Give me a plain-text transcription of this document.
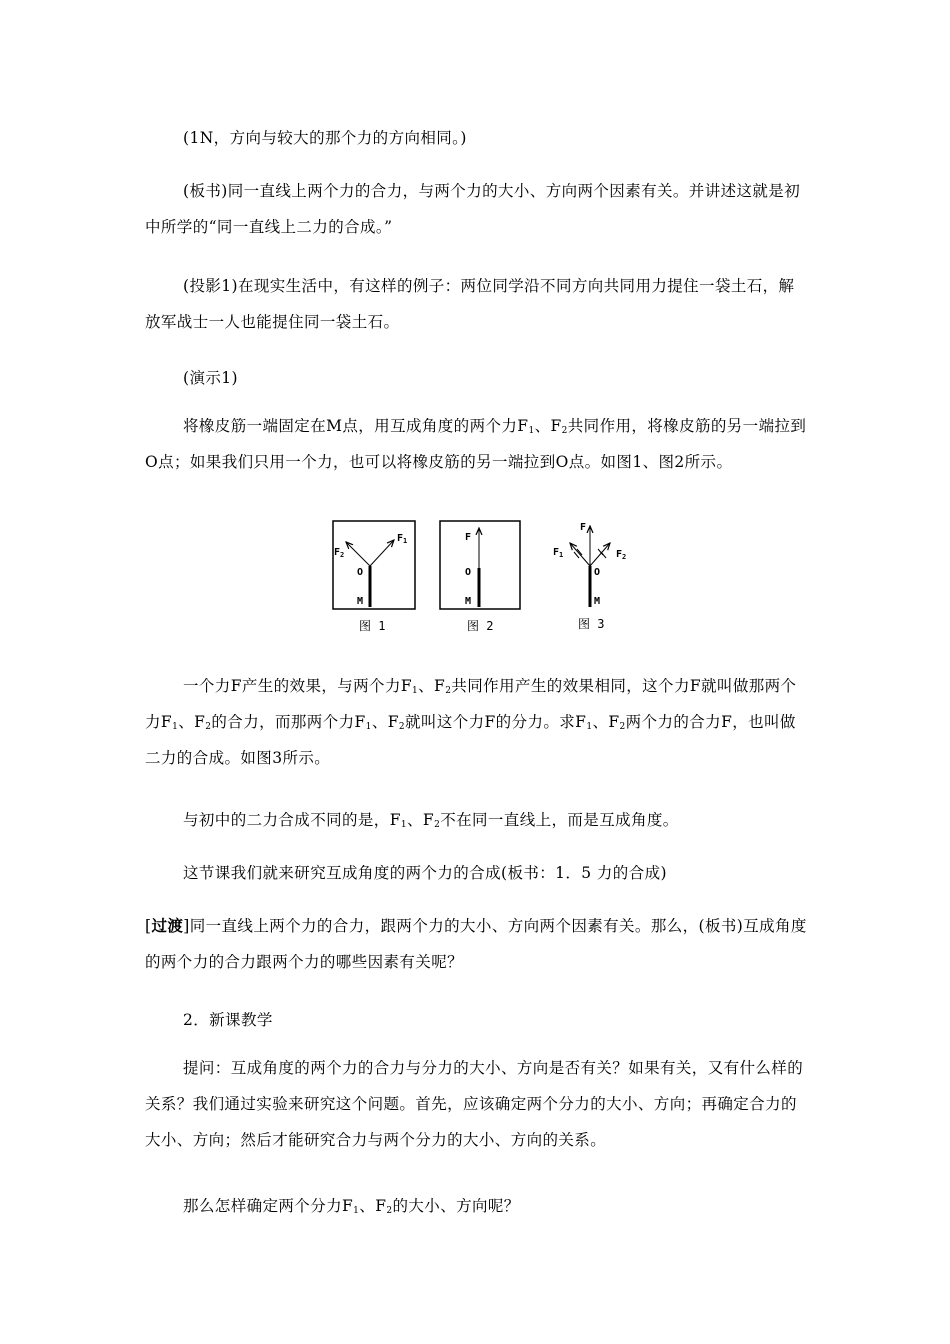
(1N，方向与较大的那个力的方向相同。)
(板书)同一直线上两个力的合力，与两个力的大小、方向两个因素有关。并讲述这就是初中所学的“同一直线上二力的合成。”
(投影1)在现实生活中，有这样的例子：两位同学沿不同方向共同用力提住一袋土石，解放军战士一人也能提住同一袋土石。
(演示1)
将橡皮筋一端固定在M点，用互成角度的两个力$F_1$、$F_2$共同作用，将橡皮筋的另一端拉到O点；如果我们只用一个力，也可以将橡皮筋的另一端拉到O点。如图1、图2所示。
$F_1$
$F_2$
O
M
图 1
F
O
M
图 2
F
$F_1$	$F_2$
O
M
图 3
一个力F产生的效果，与两个力$F_1$、$F_2$共同作用产生的效果相同，这个力F就叫做那两个力$F_1$、$F_2$的合力，而那两个力$F_1$、$F_2$就叫这个力F的分力。求$F_1$、$F_2$两个力的合力F，也叫做二力的合成。如图3所示。
与初中的二力合成不同的是，$F_1$、$F_2$不在同一直线上，而是互成角度。
这节课我们就来研究互成角度的两个力的合成(板书：1．5 力的合成)
[过渡]同一直线上两个力的合力，跟两个力的大小、方向两个因素有关。那么，(板书)互成角度的两个力的合力跟两个力的哪些因素有关呢？
2．新课教学
提问：互成角度的两个力的合力与分力的大小、方向是否有关？如果有关，又有什么样的关系？我们通过实验来研究这个问题。首先，应该确定两个分力的大小、方向；再确定合力的大小、方向；然后才能研究合力与两个分力的大小、方向的关系。
那么怎样确定两个分力$F_1$、$F_2$的大小、方向呢？
